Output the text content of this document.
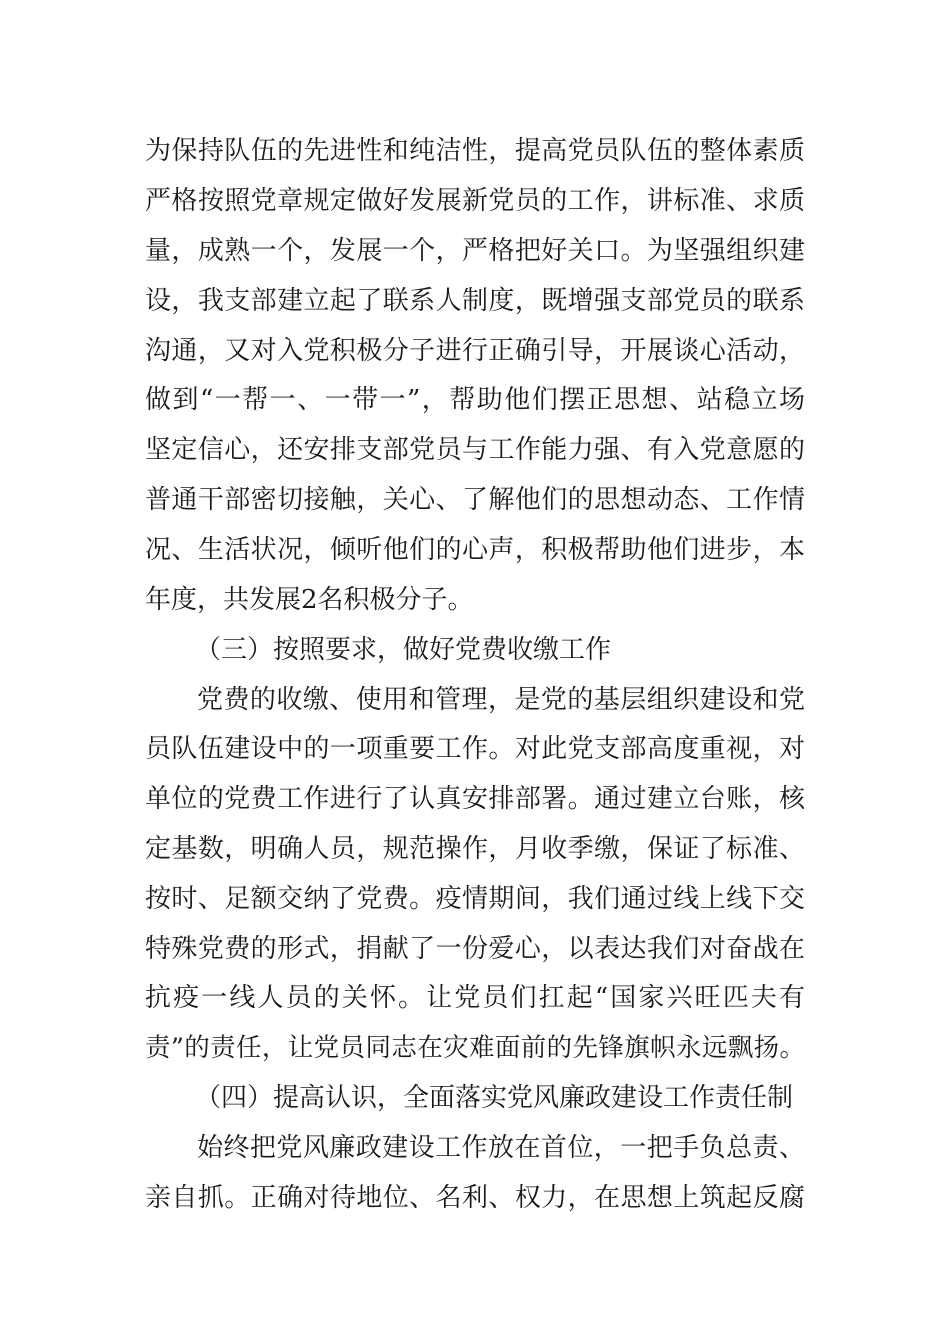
为保持队伍的先进性和纯洁性，提高党员队伍的整体素质
严格按照党章规定做好发展新党员的工作，讲标准、求质
量，成熟一个，发展一个，严格把好关口。为坚强组织建
设，我支部建立起了联系人制度，既增强支部党员的联系
沟通，又对入党积极分子进行正确引导，开展谈心活动，
做到“一帮一、一带一”，帮助他们摆正思想、站稳立场
坚定信心，还安排支部党员与工作能力强、有入党意愿的
普通干部密切接触，关心、了解他们的思想动态、工作情
况、生活状况，倾听他们的心声，积极帮助他们进步，本
年度，共发展2名积极分子。
（三）按照要求，做好党费收缴工作
党费的收缴、使用和管理，是党的基层组织建设和党
员队伍建设中的一项重要工作。对此党支部高度重视，对
单位的党费工作进行了认真安排部署。通过建立台账，核
定基数，明确人员，规范操作，月收季缴，保证了标准、
按时、足额交纳了党费。疫情期间，我们通过线上线下交
特殊党费的形式，捐献了一份爱心，以表达我们对奋战在
抗疫一线人员的关怀。让党员们扛起“国家兴旺匹夫有
责”的责任，让党员同志在灾难面前的先锋旗帜永远飘扬。
（四）提高认识，全面落实党风廉政建设工作责任制
始终把党风廉政建设工作放在首位，一把手负总责、
亲自抓。正确对待地位、名利、权力，在思想上筑起反腐
